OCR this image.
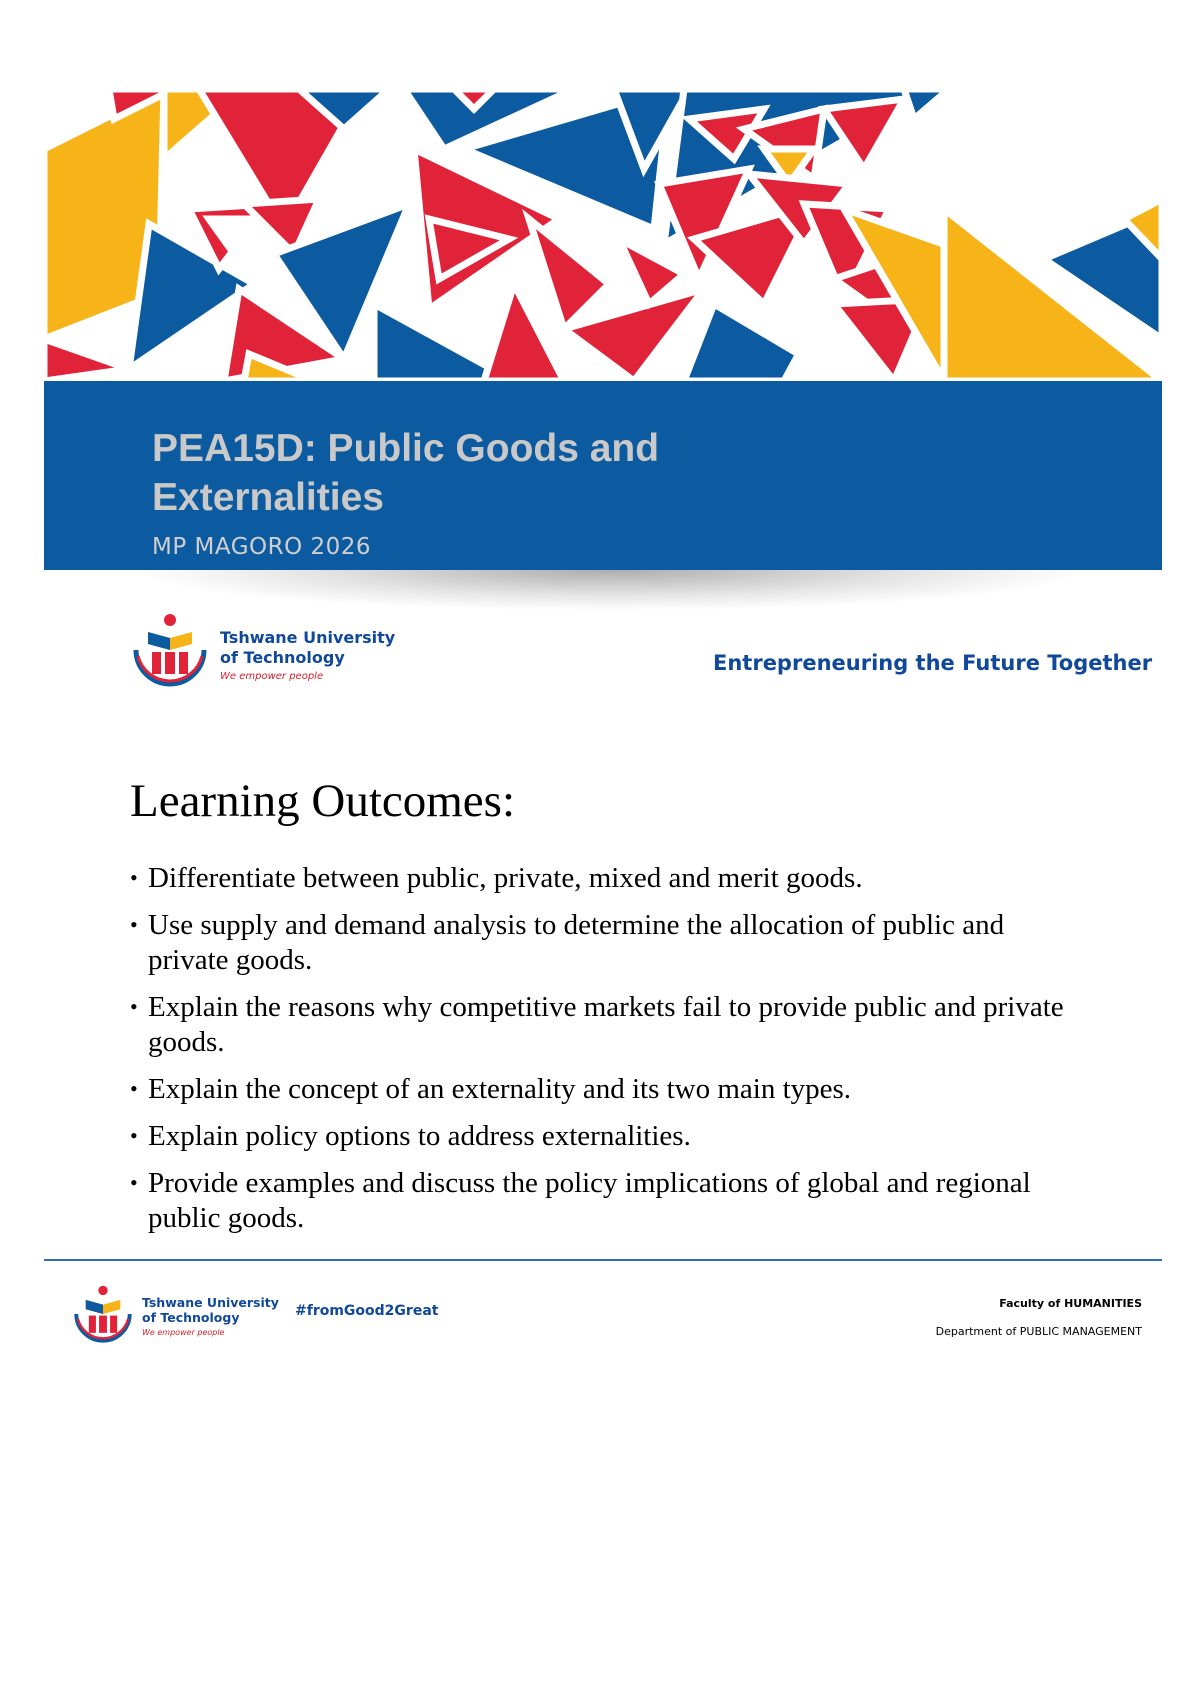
PEA15D: Public Goods and
Externalities
MP MAGORO 2026
Tshwane University
of Technology
We empower people
Entrepreneuring the Future Together
Learning Outcomes:
• Differentiate between public, private, mixed and merit goods.
• Use supply and demand analysis to determine the allocation of public and private goods.
• Explain the reasons why competitive markets fail to provide public and private goods.
• Explain the concept of an externality and its two main types.
• Explain policy options to address externalities.
• Provide examples and discuss the policy implications of global and regional public goods.
Tshwane University
of Technology
We empower people
#fromGood2Great	Faculty of HUMANITIES
Department of PUBLIC MANAGEMENT
